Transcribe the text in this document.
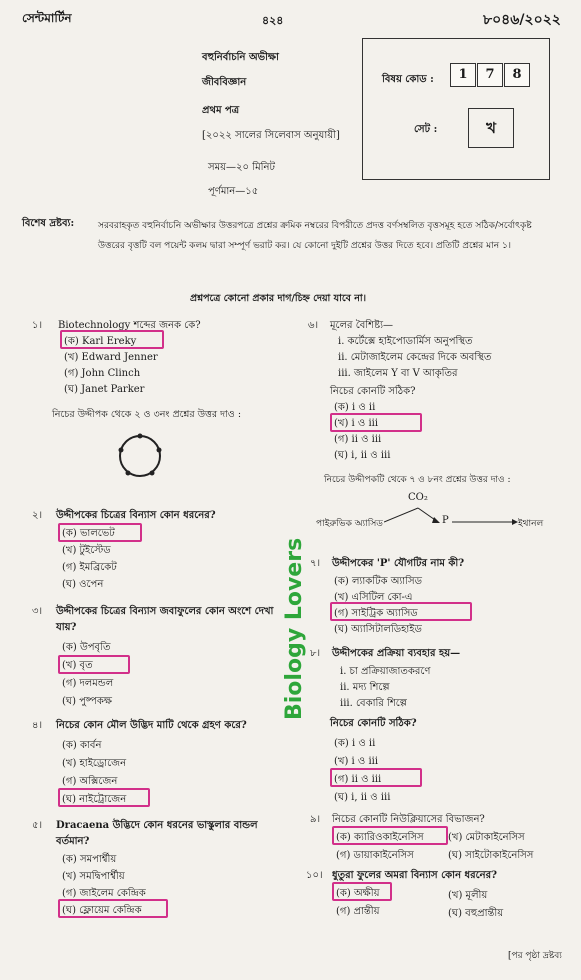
সেন্টমার্টিন	৪২৪	৮০৪৬/২০২২
বহুনির্বাচনি অভীক্ষা
জীববিজ্ঞান
প্রথম পত্র
[২০২২ সালের সিলেবাস অনুযায়ী]
সময়—২০ মিনিট
পূর্ণমান—১৫
বিষয় কোড :	1	7	8
সেট :	খ
বিশেষ দ্রষ্টব্য:	সরবরাহকৃত বহুনির্বাচনি অভীক্ষার উত্তরপত্রে প্রশ্নের ক্রমিক নম্বরের বিপরীতে প্রদত্ত বর্ণসম্বলিত বৃত্তসমূহ হতে সঠিক/সর্বোৎকৃষ্ট উত্তরের বৃত্তটি বল পয়েন্ট কলম দ্বারা সম্পূর্ণ ভরাট কর। যে কোনো দুইটি প্রশ্নের উত্তর দিতে হবে। প্রতিটি প্রশ্নের মান ১।
প্রশ্নপত্রে কোনো প্রকার দাগ/চিহ্ন দেয়া যাবে না।
১। Biotechnology শব্দের জনক কে?
(ক) Karl Ereky
(খ) Edward Jenner
(গ) John Clinch
(ঘ) Janet Parker
নিচের উদ্দীপক থেকে ২ ও ৩নং প্রশ্নের উত্তর দাও :
২। উদ্দীপকের চিত্রের বিন্যাস কোন ধরনের?
(ক) ভালভেট
(খ) টুইস্টেড
(গ) ইমব্রিকেট
(ঘ) ওপেন
৩। উদ্দীপকের চিত্রের বিন্যাস জবাফুলের কোন অংশে দেখা
যায়?
(ক) উপবৃতি
(খ) বৃত
(গ) দলমন্ডল
(ঘ) পুষ্পকক্ষ
৪। নিচের কোন মৌল উদ্ভিদ মাটি থেকে গ্রহণ করে?
(ক) কার্বন
(খ) হাইড্রোজেন
(গ) অক্সিজেন
(ঘ) নাইট্রোজেন
৫। Dracaena উদ্ভিদে কোন ধরনের ভাস্কুলার বান্ডল
বর্তমান?
(ক) সমপার্শ্বীয়
(খ) সমদ্বিপার্শ্বীয়
(গ) জাইলেম কেন্দ্রিক
(ঘ) ফ্লোয়েম কেন্দ্রিক
Biology Lovers
৬। মূলের বৈশিষ্ট্য—
i. কর্টেক্সে হাইপোডার্মিস অনুপস্থিত
ii. মেটাজাইলেম কেন্দ্রের দিকে অবস্থিত
iii. জাইলেম Y বা V আকৃতির
নিচের কোনটি সঠিক?
(ক) i ও ii
(খ) i ও iii
(গ) ii ও iii
(ঘ) i, ii ও iii
নিচের উদ্দীপকটি থেকে ৭ ও ৮নং প্রশ্নের উত্তর দাও :
পাইরুভিক অ্যাসিড
CO₂
P	ইথানল
৭। উদ্দীপকের 'P' যৌগটির নাম কী?
(ক) ল্যাকটিক অ্যাসিড
(খ) এসিটিল কো-এ
(গ) সাইট্রিক অ্যাসিড
(ঘ) অ্যাসিটালডিহাইড
৮। উদ্দীপকের প্রক্রিয়া ব্যবহার হয়—
i. চা প্রক্রিয়াজাতকরণে
ii. মদ্য শিল্পে
iii. বেকারি শিল্পে
নিচের কোনটি সঠিক?
(ক) i ও ii
(খ) i ও iii
(গ) ii ও iii
(ঘ) i, ii ও iii
৯। নিচের কোনটি নিউক্লিয়াসের বিভাজন?
(ক) ক্যারিওকাইনেসিস (খ) মেটাকাইনেসিস
(গ) ডায়াকাইনেসিস	(ঘ) সাইটোকাইনেসিস
১০। ধুতুরা ফুলের অমরা বিন্যাস কোন ধরনের?
(ক) অক্ষীয়	(খ) মূলীয়
(গ) প্রান্তীয়	(ঘ) বহুপ্রান্তীয়
[পর পৃষ্ঠা দ্রষ্টব্য
